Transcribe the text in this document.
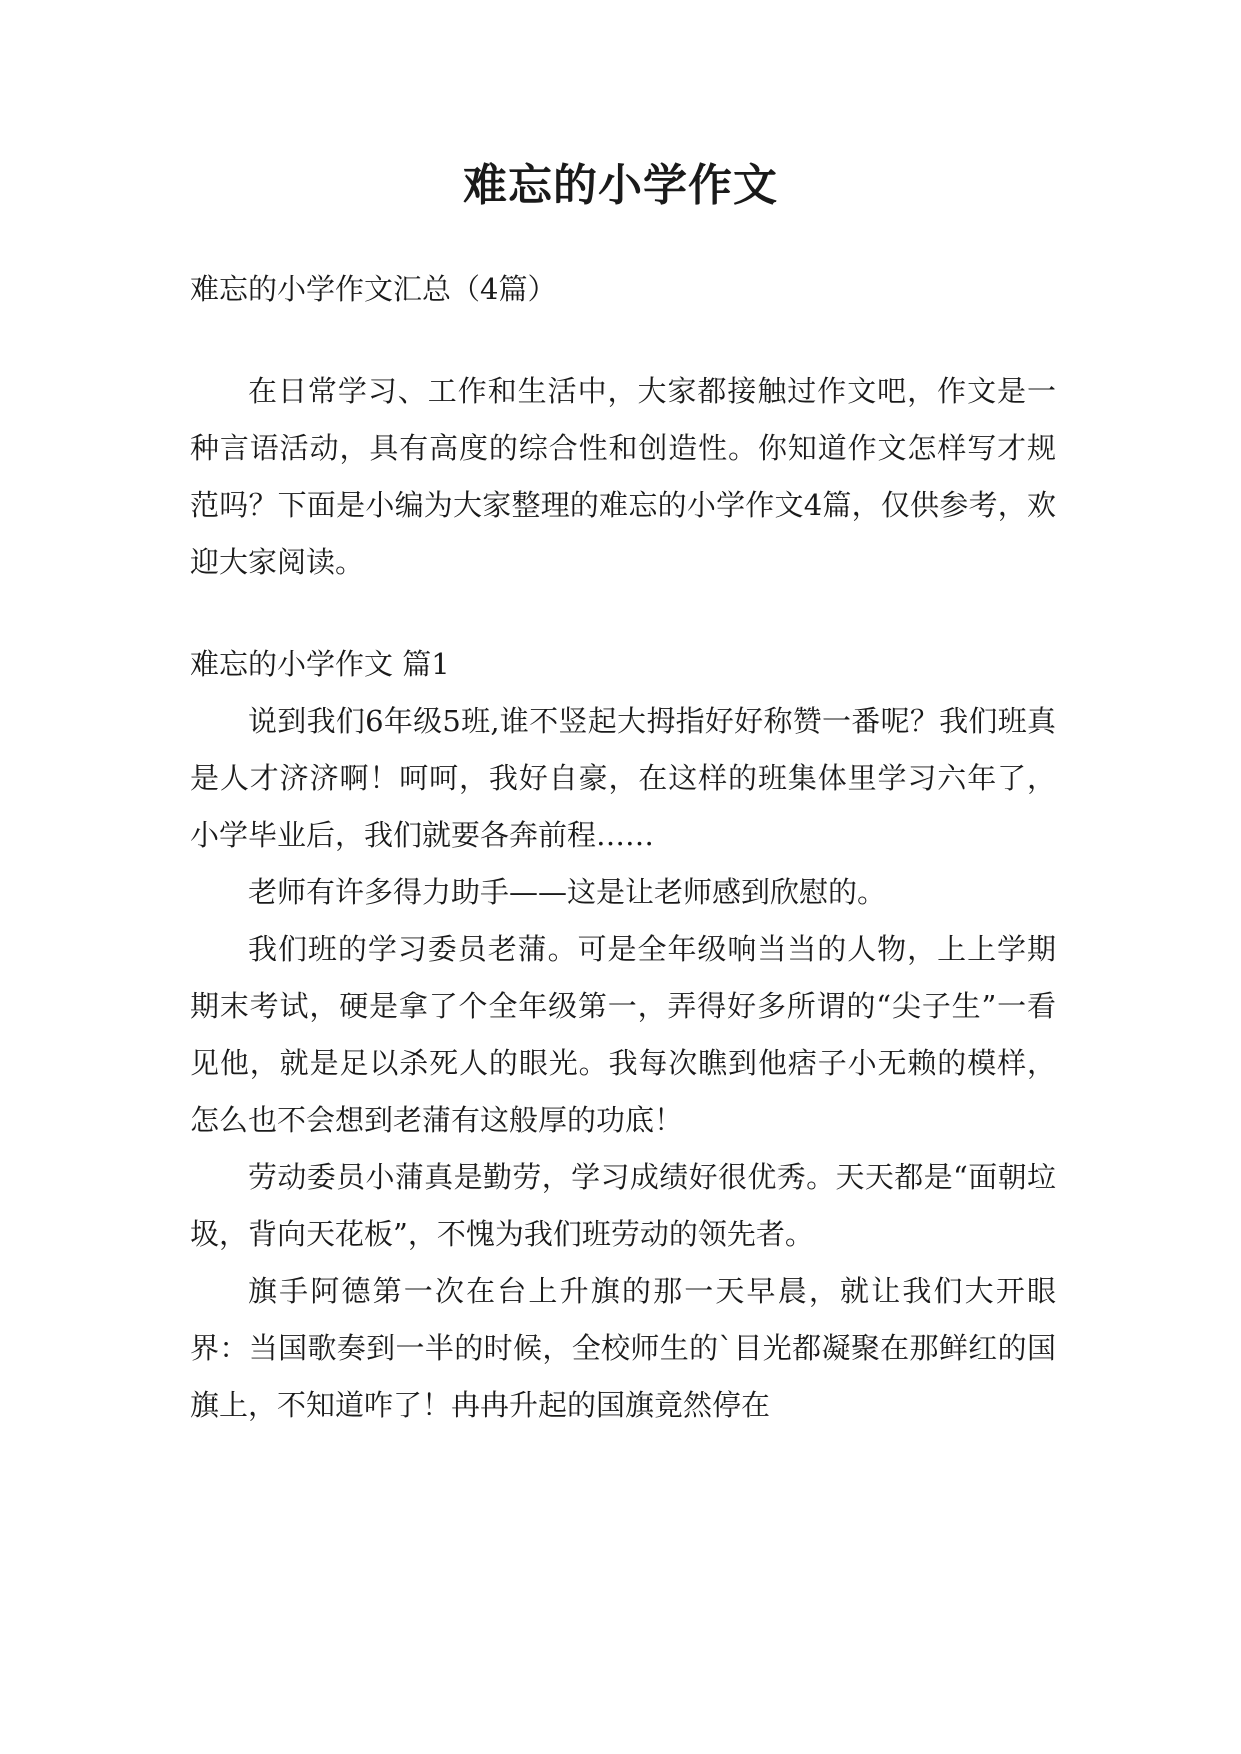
难忘的小学作文

难忘的小学作文汇总（4篇）

在日常学习、工作和生活中，大家都接触过作文吧，作文是一种言语活动，具有高度的综合性和创造性。你知道作文怎样写才规范吗？下面是小编为大家整理的难忘的小学作文4篇，仅供参考，欢迎大家阅读。

难忘的小学作文 篇1

说到我们6年级5班,谁不竖起大拇指好好称赞一番呢？我们班真是人才济济啊！呵呵，我好自豪，在这样的班集体里学习六年了，小学毕业后，我们就要各奔前程……

老师有许多得力助手——这是让老师感到欣慰的。

我们班的学习委员老蒲。可是全年级响当当的人物，上上学期期末考试，硬是拿了个全年级第一，弄得好多所谓的“尖子生”一看见他，就是足以杀死人的眼光。我每次瞧到他痞子小无赖的模样，怎么也不会想到老蒲有这般厚的功底！

劳动委员小蒲真是勤劳，学习成绩好很优秀。天天都是“面朝垃圾，背向天花板”，不愧为我们班劳动的领先者。

旗手阿德第一次在台上升旗的那一天早晨，就让我们大开眼界：当国歌奏到一半的时候，全校师生的`目光都凝聚在那鲜红的国旗上，不知道咋了！冉冉升起的国旗竟然停在
